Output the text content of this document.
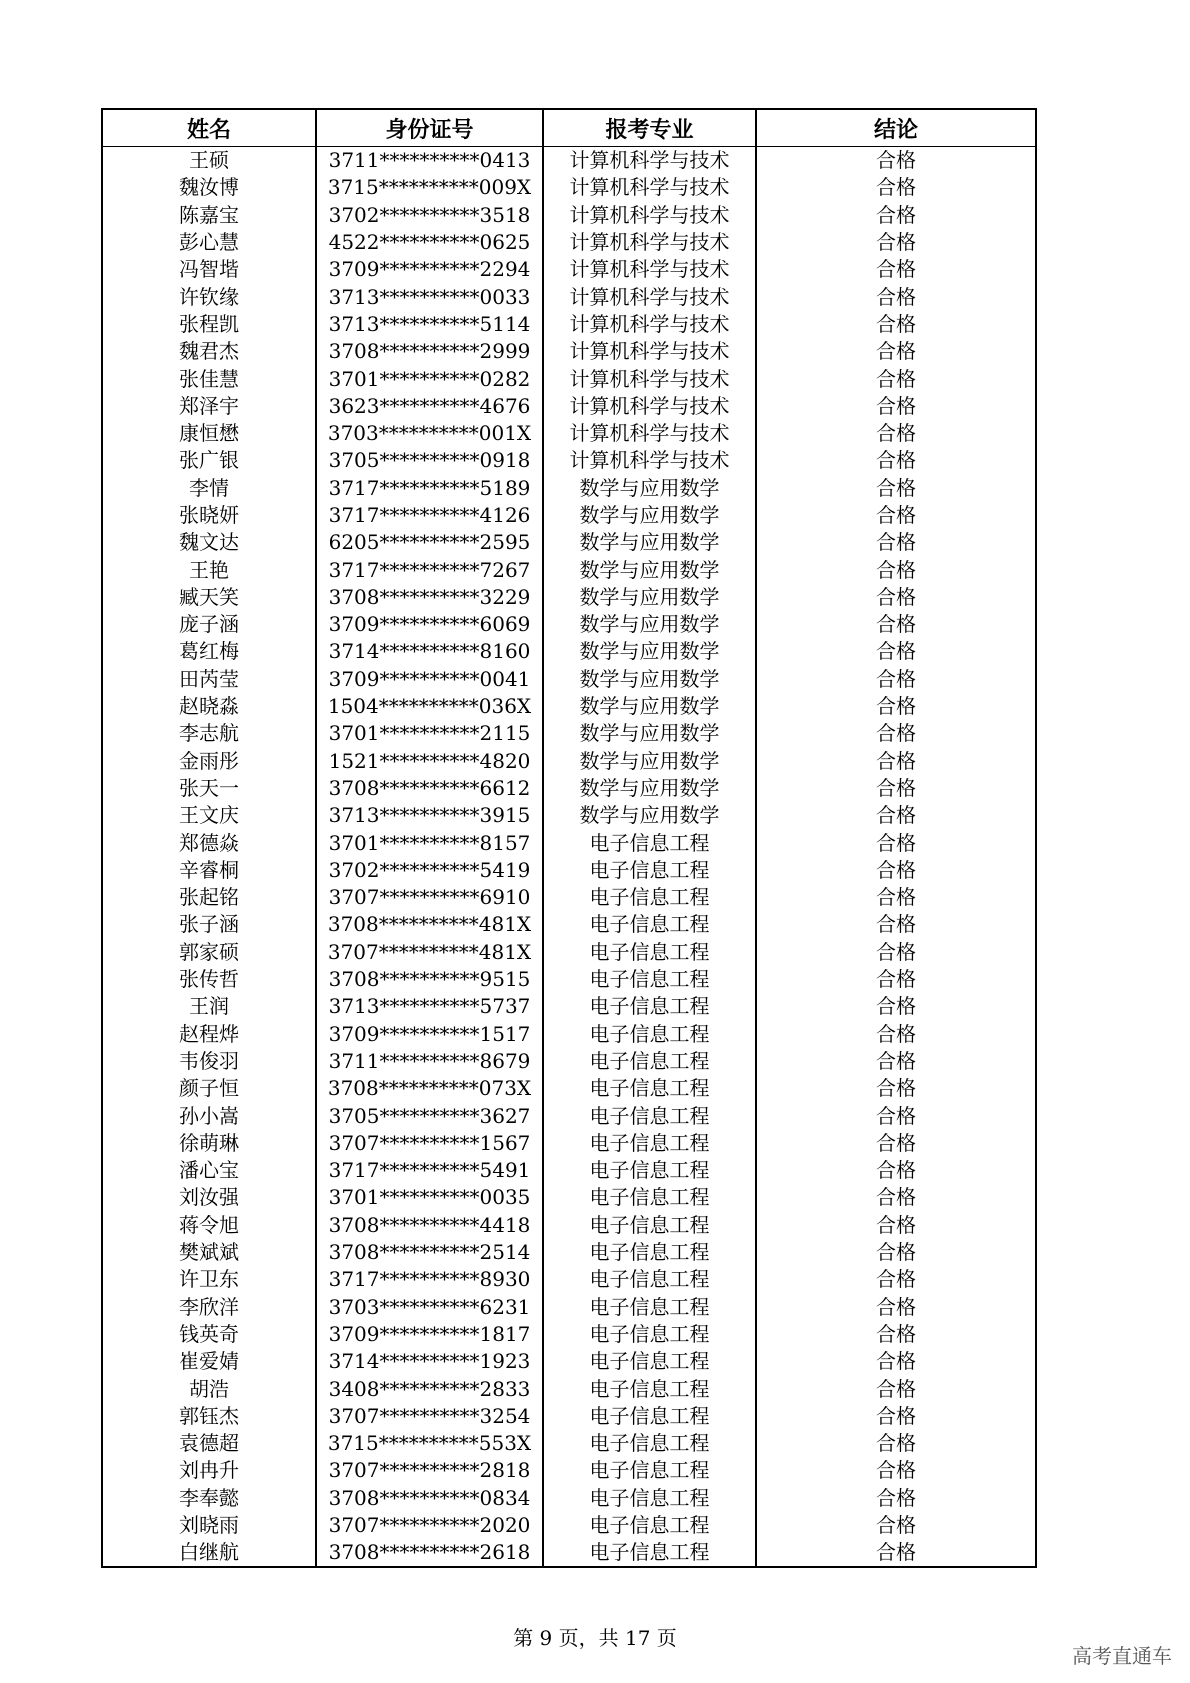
姓名	身份证号	报考专业	结论
王硕	3711**********0413	计算机科学与技术	合格
魏汝博	3715**********009X	计算机科学与技术	合格
陈嘉宝	3702**********3518	计算机科学与技术	合格
彭心慧	4522**********0625	计算机科学与技术	合格
冯智堦	3709**********2294	计算机科学与技术	合格
许钦缘	3713**********0033	计算机科学与技术	合格
张程凯	3713**********5114	计算机科学与技术	合格
魏君杰	3708**********2999	计算机科学与技术	合格
张佳慧	3701**********0282	计算机科学与技术	合格
郑泽宇	3623**********4676	计算机科学与技术	合格
康恒懋	3703**********001X	计算机科学与技术	合格
张广银	3705**********0918	计算机科学与技术	合格
李情	3717**********5189	数学与应用数学	合格
张晓妍	3717**********4126	数学与应用数学	合格
魏文达	6205**********2595	数学与应用数学	合格
王艳	3717**********7267	数学与应用数学	合格
臧天笑	3708**********3229	数学与应用数学	合格
庞子涵	3709**********6069	数学与应用数学	合格
葛红梅	3714**********8160	数学与应用数学	合格
田芮莹	3709**********0041	数学与应用数学	合格
赵晓淼	1504**********036X	数学与应用数学	合格
李志航	3701**********2115	数学与应用数学	合格
金雨彤	1521**********4820	数学与应用数学	合格
张天一	3708**********6612	数学与应用数学	合格
王文庆	3713**********3915	数学与应用数学	合格
郑德焱	3701**********8157	电子信息工程	合格
辛睿桐	3702**********5419	电子信息工程	合格
张起铭	3707**********6910	电子信息工程	合格
张子涵	3708**********481X	电子信息工程	合格
郭家硕	3707**********481X	电子信息工程	合格
张传哲	3708**********9515	电子信息工程	合格
王润	3713**********5737	电子信息工程	合格
赵程烨	3709**********1517	电子信息工程	合格
韦俊羽	3711**********8679	电子信息工程	合格
颜子恒	3708**********073X	电子信息工程	合格
孙小嵩	3705**********3627	电子信息工程	合格
徐萌琳	3707**********1567	电子信息工程	合格
潘心宝	3717**********5491	电子信息工程	合格
刘汝强	3701**********0035	电子信息工程	合格
蒋令旭	3708**********4418	电子信息工程	合格
樊斌斌	3708**********2514	电子信息工程	合格
许卫东	3717**********8930	电子信息工程	合格
李欣洋	3703**********6231	电子信息工程	合格
钱英奇	3709**********1817	电子信息工程	合格
崔爱婧	3714**********1923	电子信息工程	合格
胡浩	3408**********2833	电子信息工程	合格
郭钰杰	3707**********3254	电子信息工程	合格
袁德超	3715**********553X	电子信息工程	合格
刘冉升	3707**********2818	电子信息工程	合格
李奉懿	3708**********0834	电子信息工程	合格
刘晓雨	3707**********2020	电子信息工程	合格
白继航	3708**********2618	电子信息工程	合格
第 9 页，共 17 页
高考直通车
